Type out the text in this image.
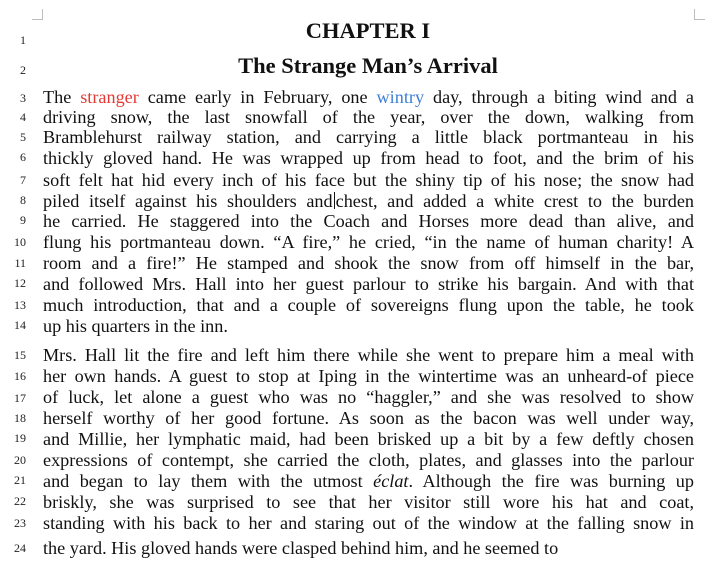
1
2
3
4
5
6
7
8
9
10
11
12
13
14
15
16
17
18
19
20
21
22
23
24
CHAPTER I
The Strange Man’s Arrival
The stranger came early in February, one wintry day, through a biting wind and a
driving snow, the last snowfall of the year, over the down, walking from
Bramblehurst railway station, and carrying a little black portmanteau in his
thickly gloved hand. He was wrapped up from head to foot, and the brim of his
soft felt hat hid every inch of his face but the shiny tip of his nose; the snow had
piled itself against his shoulders and chest, and added a white crest to the burden
he carried. He staggered into the Coach and Horses more dead than alive, and
flung his portmanteau down. “A fire,” he cried, “in the name of human charity! A
room and a fire!” He stamped and shook the snow from off himself in the bar,
and followed Mrs. Hall into her guest parlour to strike his bargain. And with that
much introduction, that and a couple of sovereigns flung upon the table, he took
up his quarters in the inn.
Mrs. Hall lit the fire and left him there while she went to prepare him a meal with
her own hands. A guest to stop at Iping in the wintertime was an unheard-of piece
of luck, let alone a guest who was no “haggler,” and she was resolved to show
herself worthy of her good fortune. As soon as the bacon was well under way,
and Millie, her lymphatic maid, had been brisked up a bit by a few deftly chosen
expressions of contempt, she carried the cloth, plates, and glasses into the parlour
and began to lay them with the utmost éclat. Although the fire was burning up
briskly, she was surprised to see that her visitor still wore his hat and coat,
standing with his back to her and staring out of the window at the falling snow in
the yard. His gloved hands were clasped behind him, and he seemed to
